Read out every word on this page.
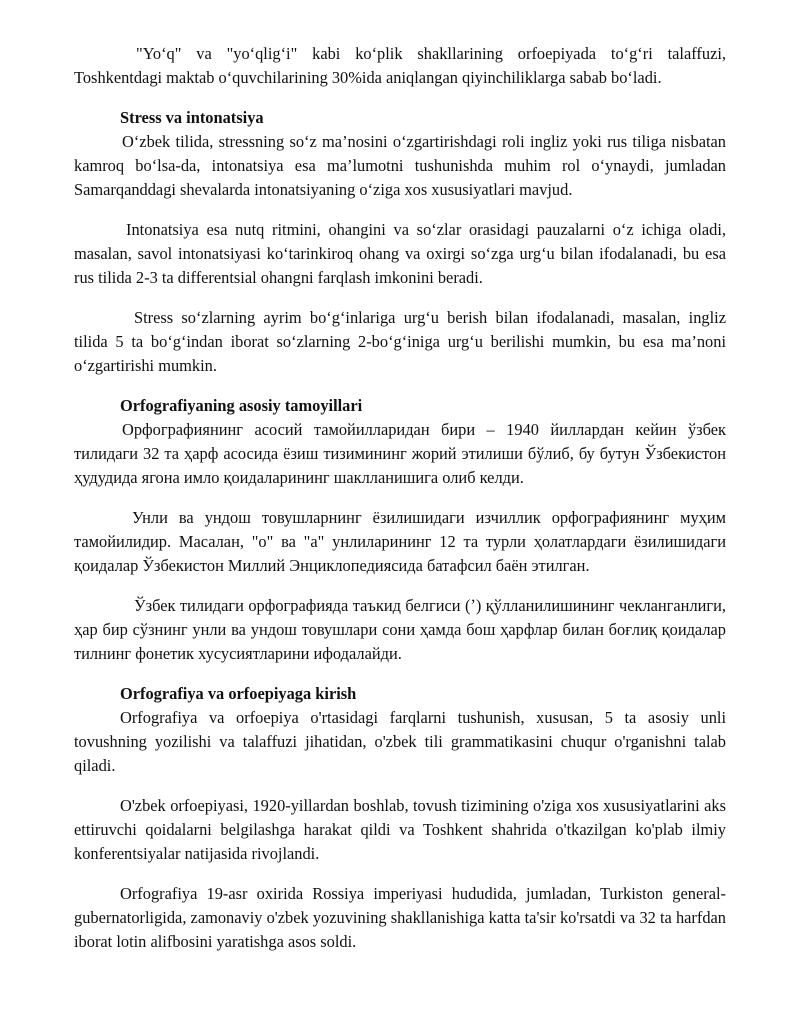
"Yo‘q" va "yo‘qlig‘i" kabi ko‘plik shakllarining orfoepiyada to‘g‘ri talaffuzi, Toshkentdagi maktab o‘quvchilarining 30%ida aniqlangan qiyinchiliklarga sabab bo‘ladi.

Stress va intonatsiya

O‘zbek tilida, stressning so‘z ma’nosini o‘zgartirishdagi roli ingliz yoki rus tiliga nisbatan kamroq bo‘lsa-da, intonatsiya esa ma’lumotni tushunishda muhim rol o‘ynaydi, jumladan Samarqanddagi shevalarda intonatsiyaning o‘ziga xos xususiyatlari mavjud.

Intonatsiya esa nutq ritmini, ohangini va so‘zlar orasidagi pauzalarni o‘z ichiga oladi, masalan, savol intonatsiyasi ko‘tarinkiroq ohang va oxirgi so‘zga urg‘u bilan ifodalanadi, bu esa rus tilida 2-3 ta differentsial ohangni farqlash imkonini beradi.

Stress so‘zlarning ayrim bo‘g‘inlariga urg‘u berish bilan ifodalanadi, masalan, ingliz tilida 5 ta bo‘g‘indan iborat so‘zlarning 2-bo‘g‘iniga urg‘u berilishi mumkin, bu esa ma’noni o‘zgartirishi mumkin.

Orfografiyaning asosiy tamoyillari

Орфографиянинг асосий тамойилларидан бири – 1940 йиллардан кейин ўзбек тилидаги 32 та ҳарф асосида ёзиш тизимининг жорий этилиши бўлиб, бу бутун Ўзбекистон ҳудудида ягона имло қоидаларининг шаклланишига олиб келди.

Унли ва ундош товушларнинг ёзилишидаги изчиллик орфографиянинг муҳим тамойилидир. Масалан, "о" ва "а" унлиларининг 12 та турли ҳолатлардаги ёзилишидаги қоидалар Ўзбекистон Миллий Энциклопедиясида батафсил баён этилган.

Ўзбек тилидаги орфографияда таъкид белгиси (ʼ) қўлланилишининг чекланганлиги, ҳар бир сўзнинг унли ва ундош товушлари сони ҳамда бош ҳарфлар билан боғлиқ қоидалар тилнинг фонетик хусусиятларини ифодалайди.

Orfografiya va orfoepiyaga kirish

Orfografiya va orfoepiya o'rtasidagi farqlarni tushunish, xususan, 5 ta asosiy unli tovushning yozilishi va talaffuzi jihatidan, o'zbek tili grammatikasini chuqur o'rganishni talab qiladi.

O'zbek orfoepiyasi, 1920-yillardan boshlab, tovush tizimining o'ziga xos xususiyatlarini aks ettiruvchi qoidalarni belgilashga harakat qildi va Toshkent shahrida o'tkazilgan ko'plab ilmiy konferentsiyalar natijasida rivojlandi.

Orfografiya 19-asr oxirida Rossiya imperiyasi hududida, jumladan, Turkiston general-gubernatorligida, zamonaviy o'zbek yozuvining shakllanishiga katta ta'sir ko'rsatdi va 32 ta harfdan iborat lotin alifbosini yaratishga asos soldi.
